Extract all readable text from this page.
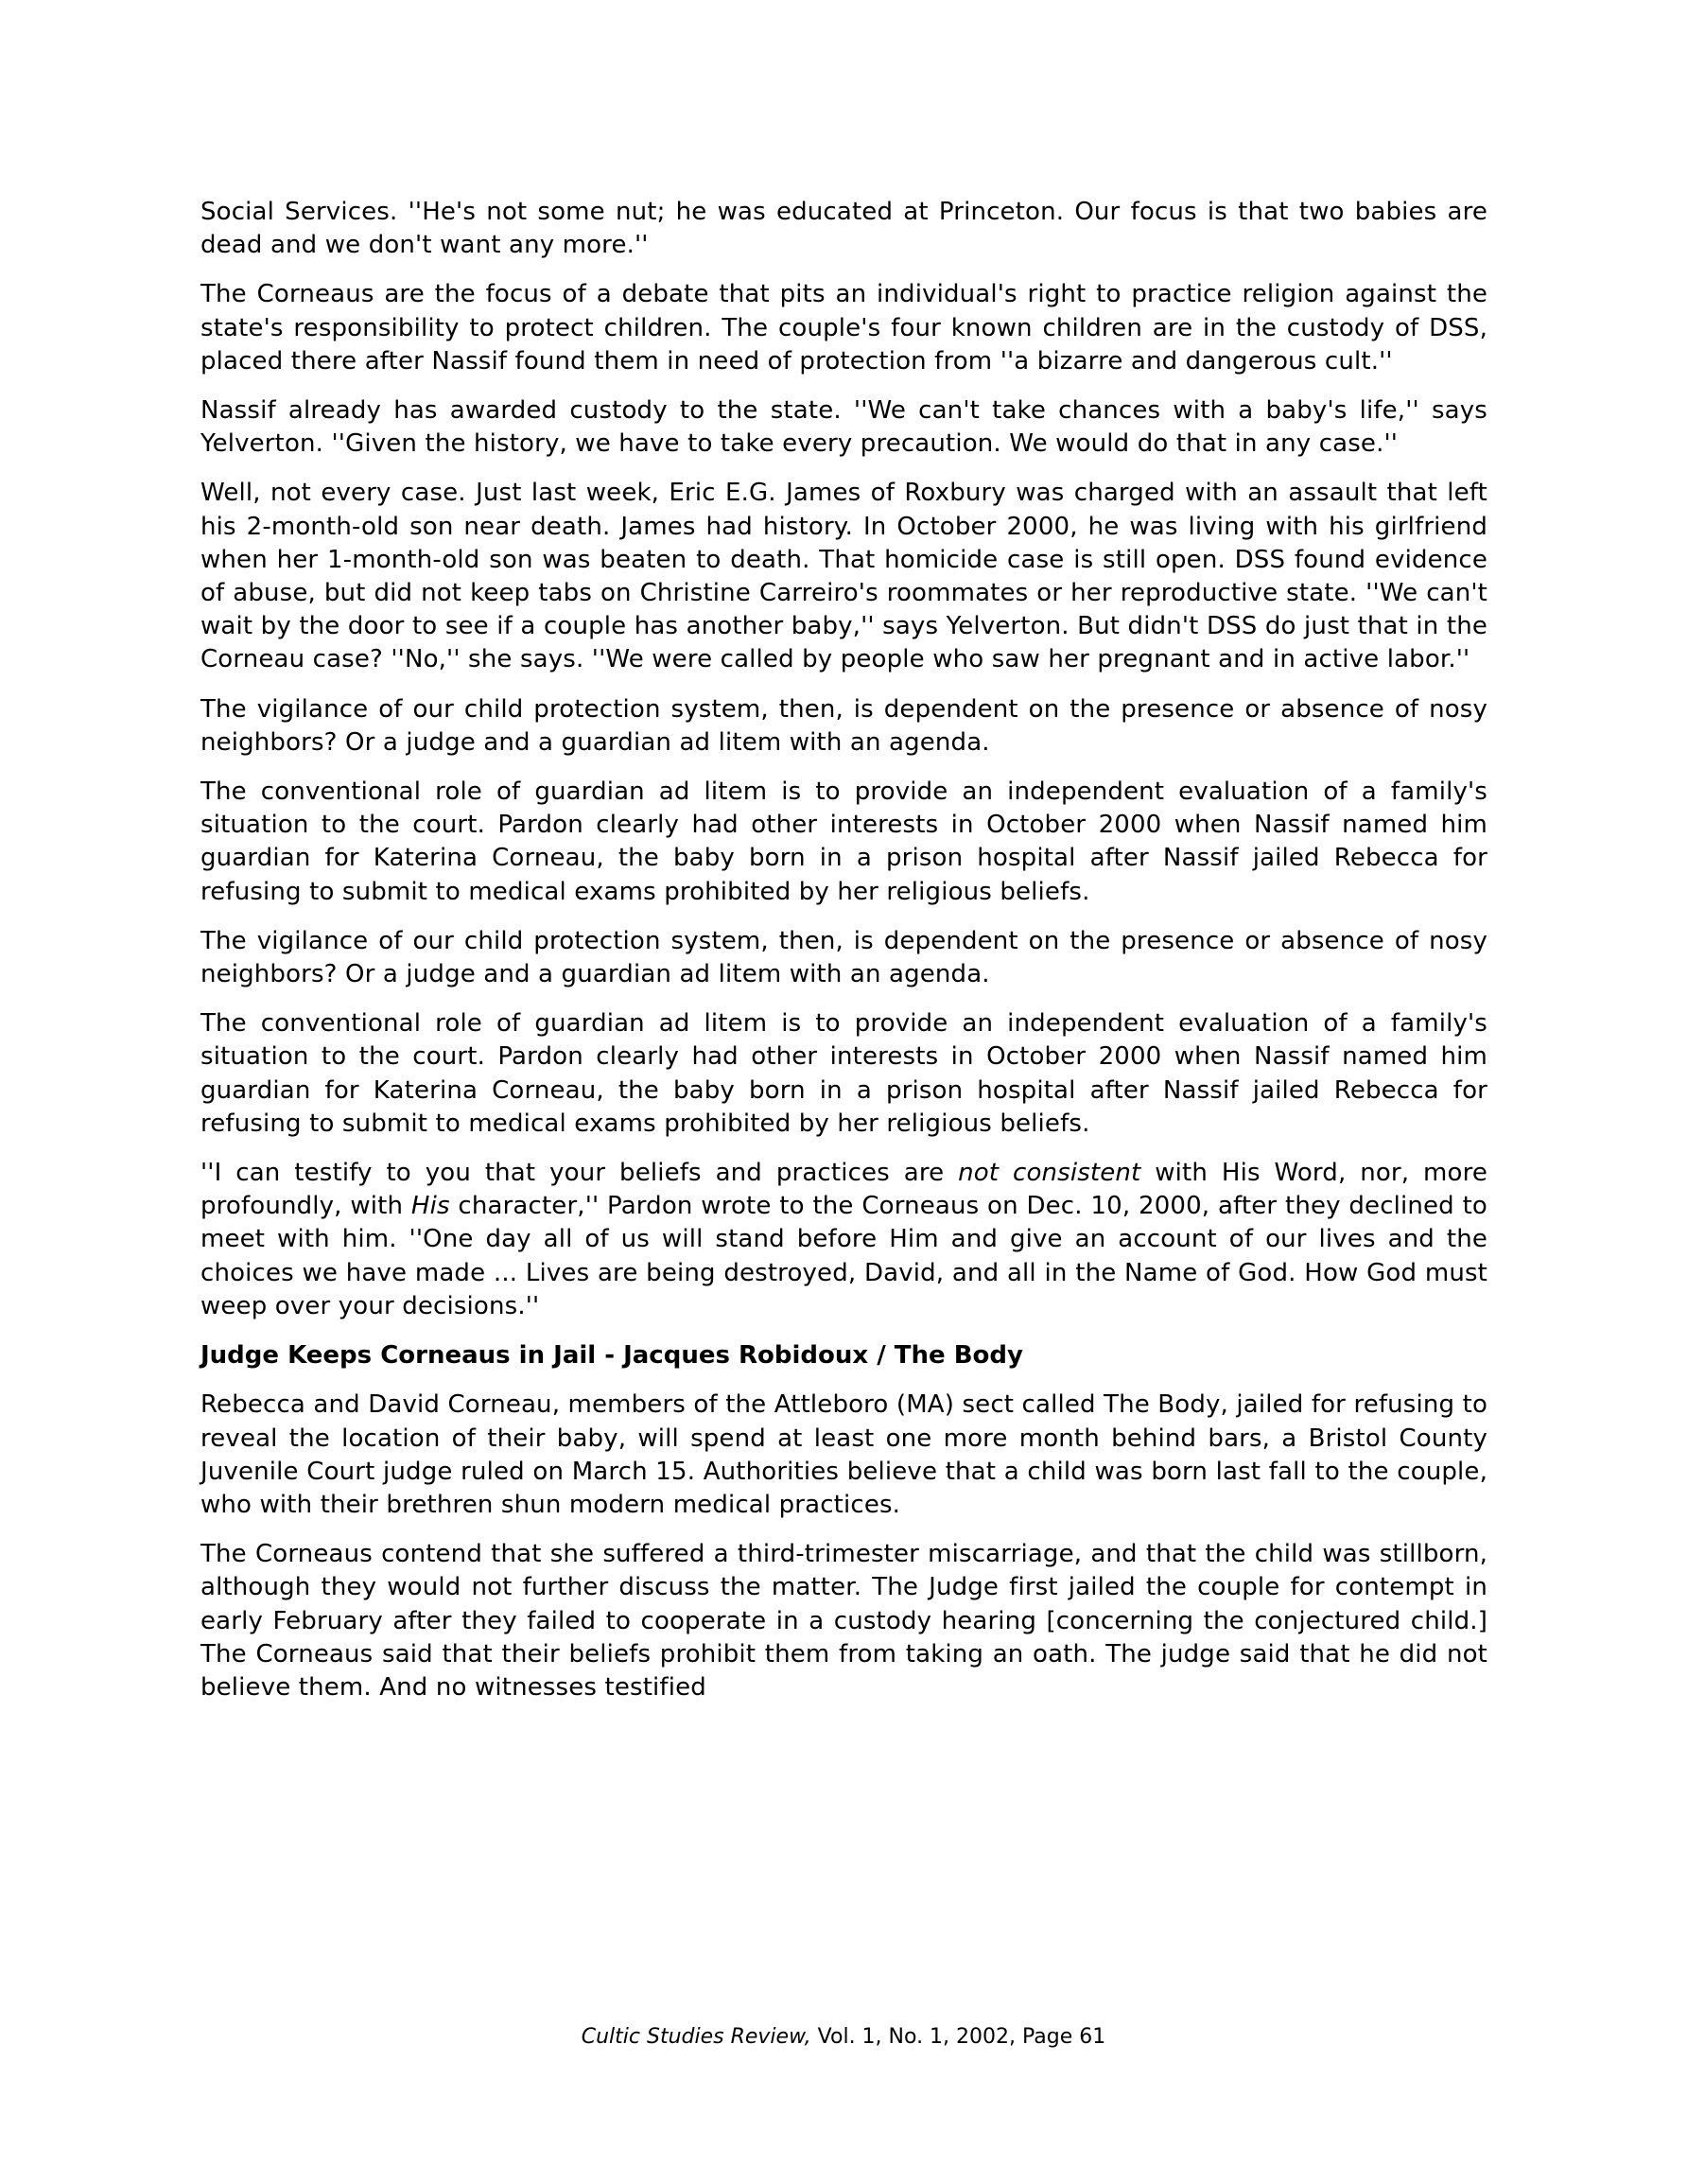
Social Services. ''He's not some nut; he was educated at Princeton. Our focus is that two babies are dead and we don't want any more.''

The Corneaus are the focus of a debate that pits an individual's right to practice religion against the state's responsibility to protect children. The couple's four known children are in the custody of DSS, placed there after Nassif found them in need of protection from ''a bizarre and dangerous cult.''

Nassif already has awarded custody to the state. ''We can't take chances with a baby's life,'' says Yelverton. ''Given the history, we have to take every precaution. We would do that in any case.''

Well, not every case. Just last week, Eric E.G. James of Roxbury was charged with an assault that left his 2-month-old son near death. James had history. In October 2000, he was living with his girlfriend when her 1-month-old son was beaten to death. That homicide case is still open. DSS found evidence of abuse, but did not keep tabs on Christine Carreiro's roommates or her reproductive state. ''We can't wait by the door to see if a couple has another baby,'' says Yelverton. But didn't DSS do just that in the Corneau case? ''No,'' she says. ''We were called by people who saw her pregnant and in active labor.''

The vigilance of our child protection system, then, is dependent on the presence or absence of nosy neighbors? Or a judge and a guardian ad litem with an agenda.

The conventional role of guardian ad litem is to provide an independent evaluation of a family's situation to the court. Pardon clearly had other interests in October 2000 when Nassif named him guardian for Katerina Corneau, the baby born in a prison hospital after Nassif jailed Rebecca for refusing to submit to medical exams prohibited by her religious beliefs.

The vigilance of our child protection system, then, is dependent on the presence or absence of nosy neighbors? Or a judge and a guardian ad litem with an agenda.

The conventional role of guardian ad litem is to provide an independent evaluation of a family's situation to the court. Pardon clearly had other interests in October 2000 when Nassif named him guardian for Katerina Corneau, the baby born in a prison hospital after Nassif jailed Rebecca for refusing to submit to medical exams prohibited by her religious beliefs.

''I can testify to you that your beliefs and practices are not consistent with His Word, nor, more profoundly, with His character,'' Pardon wrote to the Corneaus on Dec. 10, 2000, after they declined to meet with him. ''One day all of us will stand before Him and give an account of our lives and the choices we have made ... Lives are being destroyed, David, and all in the Name of God. How God must weep over your decisions.''

Judge Keeps Corneaus in Jail - Jacques Robidoux / The Body

Rebecca and David Corneau, members of the Attleboro (MA) sect called The Body, jailed for refusing to reveal the location of their baby, will spend at least one more month behind bars, a Bristol County Juvenile Court judge ruled on March 15. Authorities believe that a child was born last fall to the couple, who with their brethren shun modern medical practices.

The Corneaus contend that she suffered a third-trimester miscarriage, and that the child was stillborn, although they would not further discuss the matter. The Judge first jailed the couple for contempt in early February after they failed to cooperate in a custody hearing [concerning the conjectured child.] The Corneaus said that their beliefs prohibit them from taking an oath. The judge said that he did not believe them. And no witnesses testified

Cultic Studies Review, Vol. 1, No. 1, 2002, Page 61
